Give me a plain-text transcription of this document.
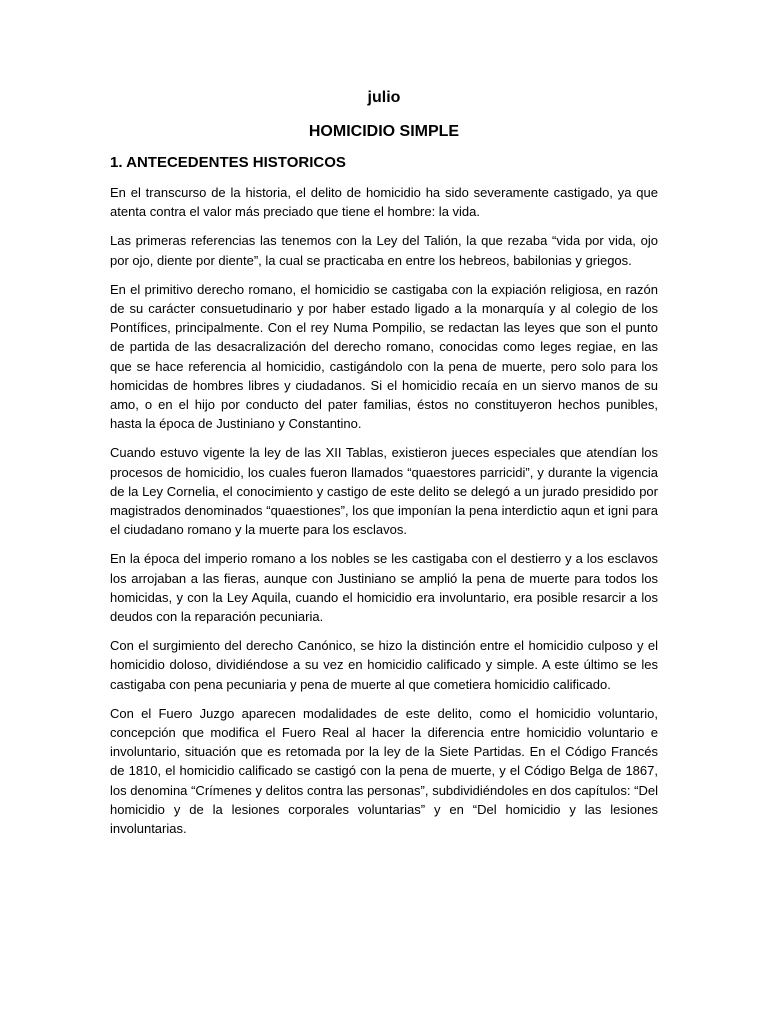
julio
HOMICIDIO SIMPLE
1. ANTECEDENTES HISTORICOS

En el transcurso de la historia, el delito de homicidio ha sido severamente castigado, ya que atenta contra el valor más preciado que tiene el hombre: la vida.

Las primeras referencias las tenemos con la Ley del Talión, la que rezaba “vida por vida, ojo por ojo, diente por diente”, la cual se practicaba en entre los hebreos, babilonias y griegos.

En el primitivo derecho romano, el homicidio se castigaba con la expiación religiosa, en razón de su carácter consuetudinario y por haber estado ligado a la monarquía y al colegio de los Pontífices, principalmente. Con el rey Numa Pompilio, se redactan las leyes que son el punto de partida de las desacralización del derecho romano, conocidas como leges regiae, en las que se hace referencia al homicidio, castigándolo con la pena de muerte, pero solo para los homicidas de hombres libres y ciudadanos. Si el homicidio recaía en un siervo manos de su amo, o en el hijo por conducto del pater familias, éstos no constituyeron hechos punibles, hasta la época de Justiniano y Constantino.

Cuando estuvo vigente la ley de las XII Tablas, existieron jueces especiales que atendían los procesos de homicidio, los cuales fueron llamados “quaestores parricidi”, y durante la vigencia de la Ley Cornelia, el conocimiento y castigo de este delito se delegó a un jurado presidido por magistrados denominados “quaestiones”, los que imponían la pena interdictio aqun et igni para el ciudadano romano y la muerte para los esclavos.

En la época del imperio romano a los nobles se les castigaba con el destierro y a los esclavos los arrojaban a las fieras, aunque con Justiniano se amplió la pena de muerte para todos los homicidas, y con la Ley Aquila, cuando el homicidio era involuntario, era posible resarcir a los deudos con la reparación pecuniaria.

Con el surgimiento del derecho Canónico, se hizo la distinción entre el homicidio culposo y el homicidio doloso, dividiéndose a su vez en homicidio calificado y simple. A este último se les castigaba con pena pecuniaria y pena de muerte al que cometiera homicidio calificado.

Con el Fuero Juzgo aparecen modalidades de este delito, como el homicidio voluntario, concepción que modifica el Fuero Real al hacer la diferencia entre homicidio voluntario e involuntario, situación que es retomada por la ley de la Siete Partidas. En el Código Francés de 1810, el homicidio calificado se castigó con la pena de muerte, y el Código Belga de 1867, los denomina “Crímenes y delitos contra las personas”, subdividiéndoles en dos capítulos: “Del homicidio y de la lesiones corporales voluntarias” y en “Del homicidio y las lesiones involuntarias.
